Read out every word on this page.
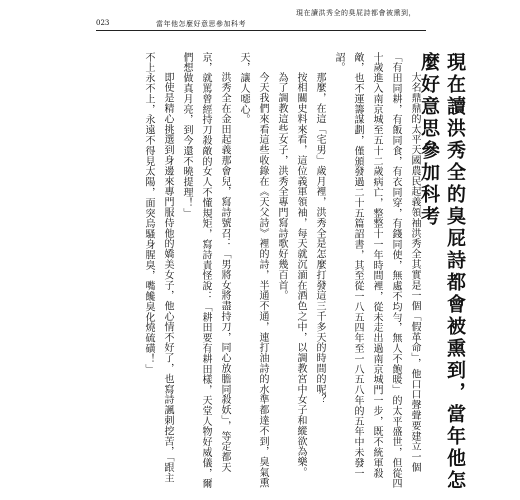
現在讀洪秀全的臭屁詩都會被熏到，
023	當年他怎麼好意思參加科考
現在讀洪秀全的臭屁詩都會被熏到，當年他怎麼好意思參加科考

大名鼎鼎的太平天國農民起義領袖洪秀全其實是一個「假革命」，他口口聲聲要建立一個「有田同耕，有飯同食，有衣同穿，有錢同使，無處不均勻，無人不飽暖」的太平盛世，但從四十歲進入南京城至五十二歲病亡，整整十一年時間裡，從未走出過南京城門一步，既不統軍殺敵，也不運籌謀劃，僅頒發過二十五篇詔書，其至從一八五四年至一八五八年的五年中未發一詔。

那麼，在這「宅男」歲月裡，洪秀全是怎麼打發這三千多天的時間的呢？

按相關史料來看，這位義軍領袖，每天就沉湎在酒色之中，以調教宮中女子和縱欲為樂。

為了調教這些女子，洪秀全專門寫詩歌好幾百首。

今天我們來看這些收錄在《天父詩》裡的詩，半通不通，連打油詩的水準都達不到，臭氣熏天，讓人噁心。

洪秀全在金田起義那會兒，寫詩號召：「男將女將盡持刀，同心放膽同殺妖」，等定都天京，就罵曾經持刀殺敵的女人不懂規矩，寫詩責怪說：「耕田要有耕田樣，天堂人物好威儀，爾們想做真月亮，到今還不曉提理！」

即使是精心挑選到身邊來專門服侍他的嬌美女子，他心情不好了，也寫詩諷刺挖苦，「跟主不上永不上，永遠不得見太陽，面突烏騷身腥臭，嘴饞臭化燒硫磺！」
